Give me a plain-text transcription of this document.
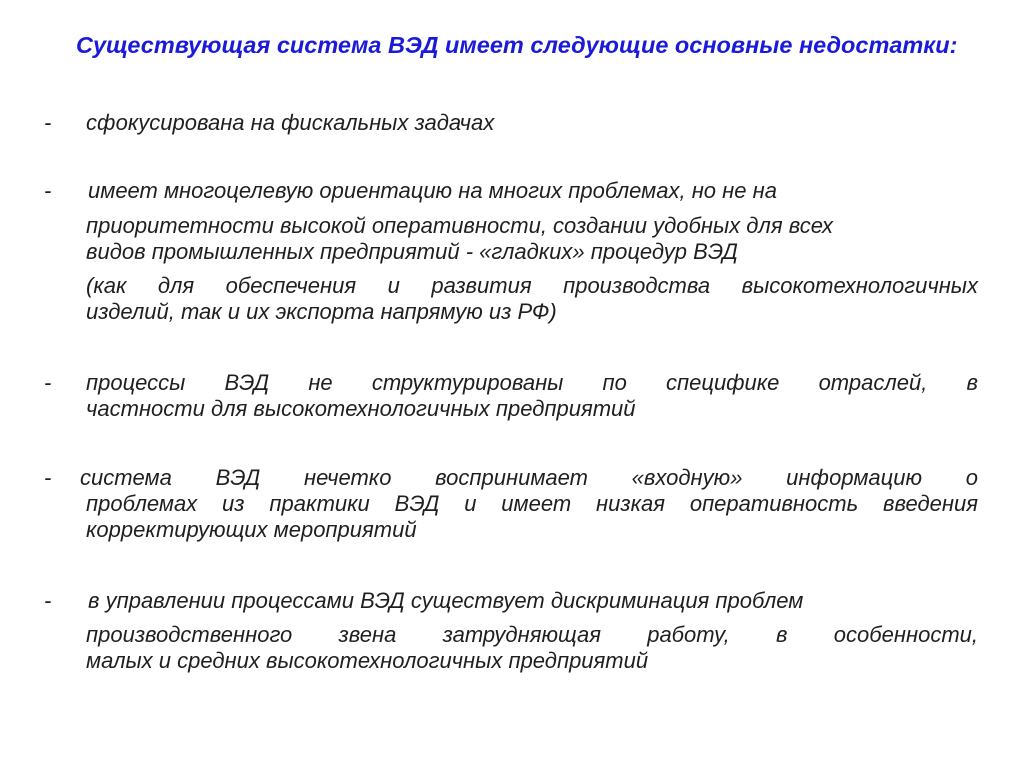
Существующая система ВЭД имеет следующие основные недостатки:
- сфокусирована на фискальных задачах
- имеет многоцелевую ориентацию на многих проблемах, но не на
приоритетности высокой оперативности, создании удобных для всех
видов промышленных предприятий - «гладких» процедур ВЭД
(как для обеспечения и развития производства высокотехнологичных
изделий, так и их экспорта напрямую из РФ)
- процессы ВЭД не структурированы по специфике отраслей, в
частности для высокотехнологичных предприятий
- система ВЭД нечетко воспринимает «входную» информацию о
проблемах из практики ВЭД и имеет низкая оперативность введения
корректирующих мероприятий
- в управлении процессами ВЭД существует дискриминация проблем
производственного звена затрудняющая работу, в особенности,
малых и средних высокотехнологичных предприятий
